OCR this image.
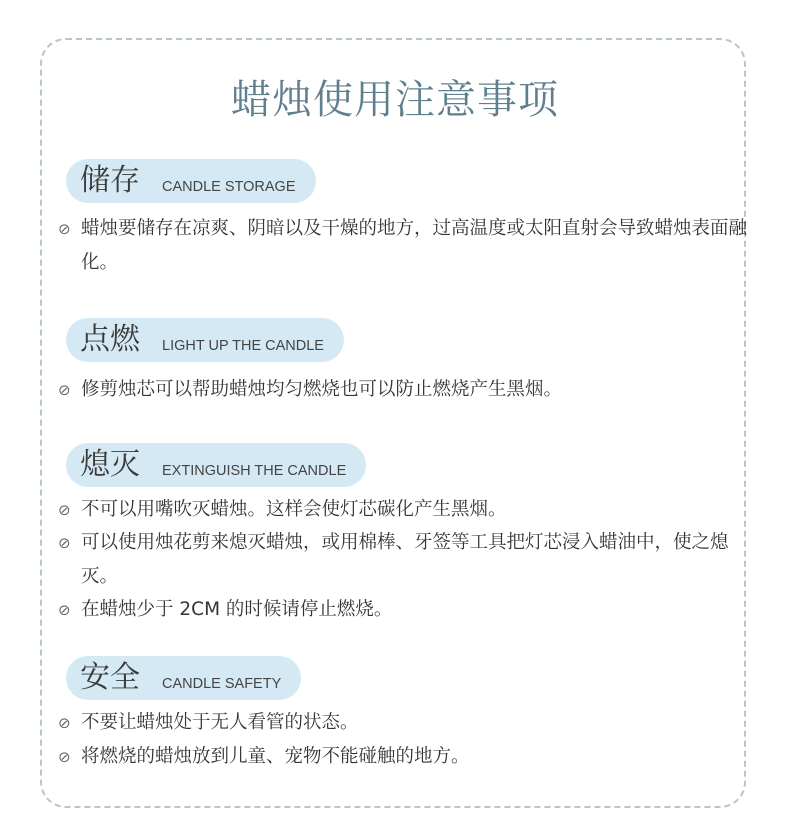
蜡烛使用注意事项
储存 CANDLE STORAGE
⊘ 蜡烛要储存在凉爽、阴暗以及干燥的地方，过高温度或太阳直射会导致蜡烛表面融化。
点燃 LIGHT UP THE CANDLE
⊘ 修剪烛芯可以帮助蜡烛均匀燃烧也可以防止燃烧产生黑烟。
熄灭 EXTINGUISH THE CANDLE
⊘ 不可以用嘴吹灭蜡烛。这样会使灯芯碳化产生黑烟。
⊘ 可以使用烛花剪来熄灭蜡烛，或用棉棒、牙签等工具把灯芯浸入蜡油中，使之熄灭。
⊘ 在蜡烛少于 2CM 的时候请停止燃烧。
安全 CANDLE SAFETY
⊘ 不要让蜡烛处于无人看管的状态。
⊘ 将燃烧的蜡烛放到儿童、宠物不能碰触的地方。
